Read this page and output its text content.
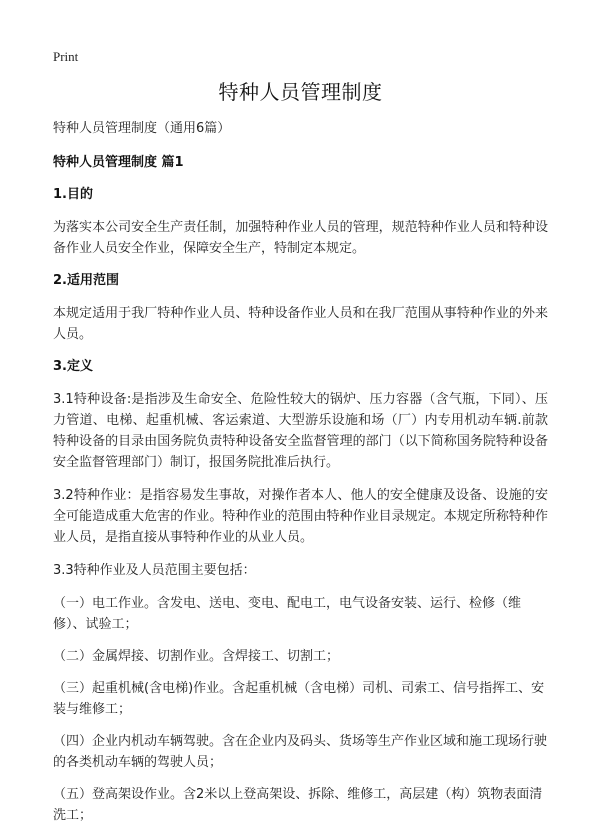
Print
特种人员管理制度

特种人员管理制度（通用6篇）

特种人员管理制度 篇1

1.目的

为落实本公司安全生产责任制，加强特种作业人员的管理，规范特种作业人员和特种设备作业人员安全作业，保障安全生产，特制定本规定。

2.适用范围

本规定适用于我厂特种作业人员、特种设备作业人员和在我厂范围从事特种作业的外来人员。

3.定义

3.1特种设备:是指涉及生命安全、危险性较大的锅炉、压力容器（含气瓶，下同）、压力管道、电梯、起重机械、客运索道、大型游乐设施和场（厂）内专用机动车辆.前款特种设备的目录由国务院负责特种设备安全监督管理的部门（以下简称国务院特种设备安全监督管理部门）制订，报国务院批准后执行。

3.2特种作业：是指容易发生事故，对操作者本人、他人的安全健康及设备、设施的安全可能造成重大危害的作业。特种作业的范围由特种作业目录规定。本规定所称特种作业人员，是指直接从事特种作业的从业人员。

3.3特种作业及人员范围主要包括：

（一）电工作业。含发电、送电、变电、配电工，电气设备安装、运行、检修（维修）、试验工；

（二）金属焊接、切割作业。含焊接工、切割工；

（三）起重机械(含电梯)作业。含起重机械（含电梯）司机、司索工、信号指挥工、安装与维修工；

（四）企业内机动车辆驾驶。含在企业内及码头、货场等生产作业区域和施工现场行驶的各类机动车辆的驾驶人员；

（五）登高架设作业。含2米以上登高架设、拆除、维修工，高层建（构）筑物表面清洗工；
